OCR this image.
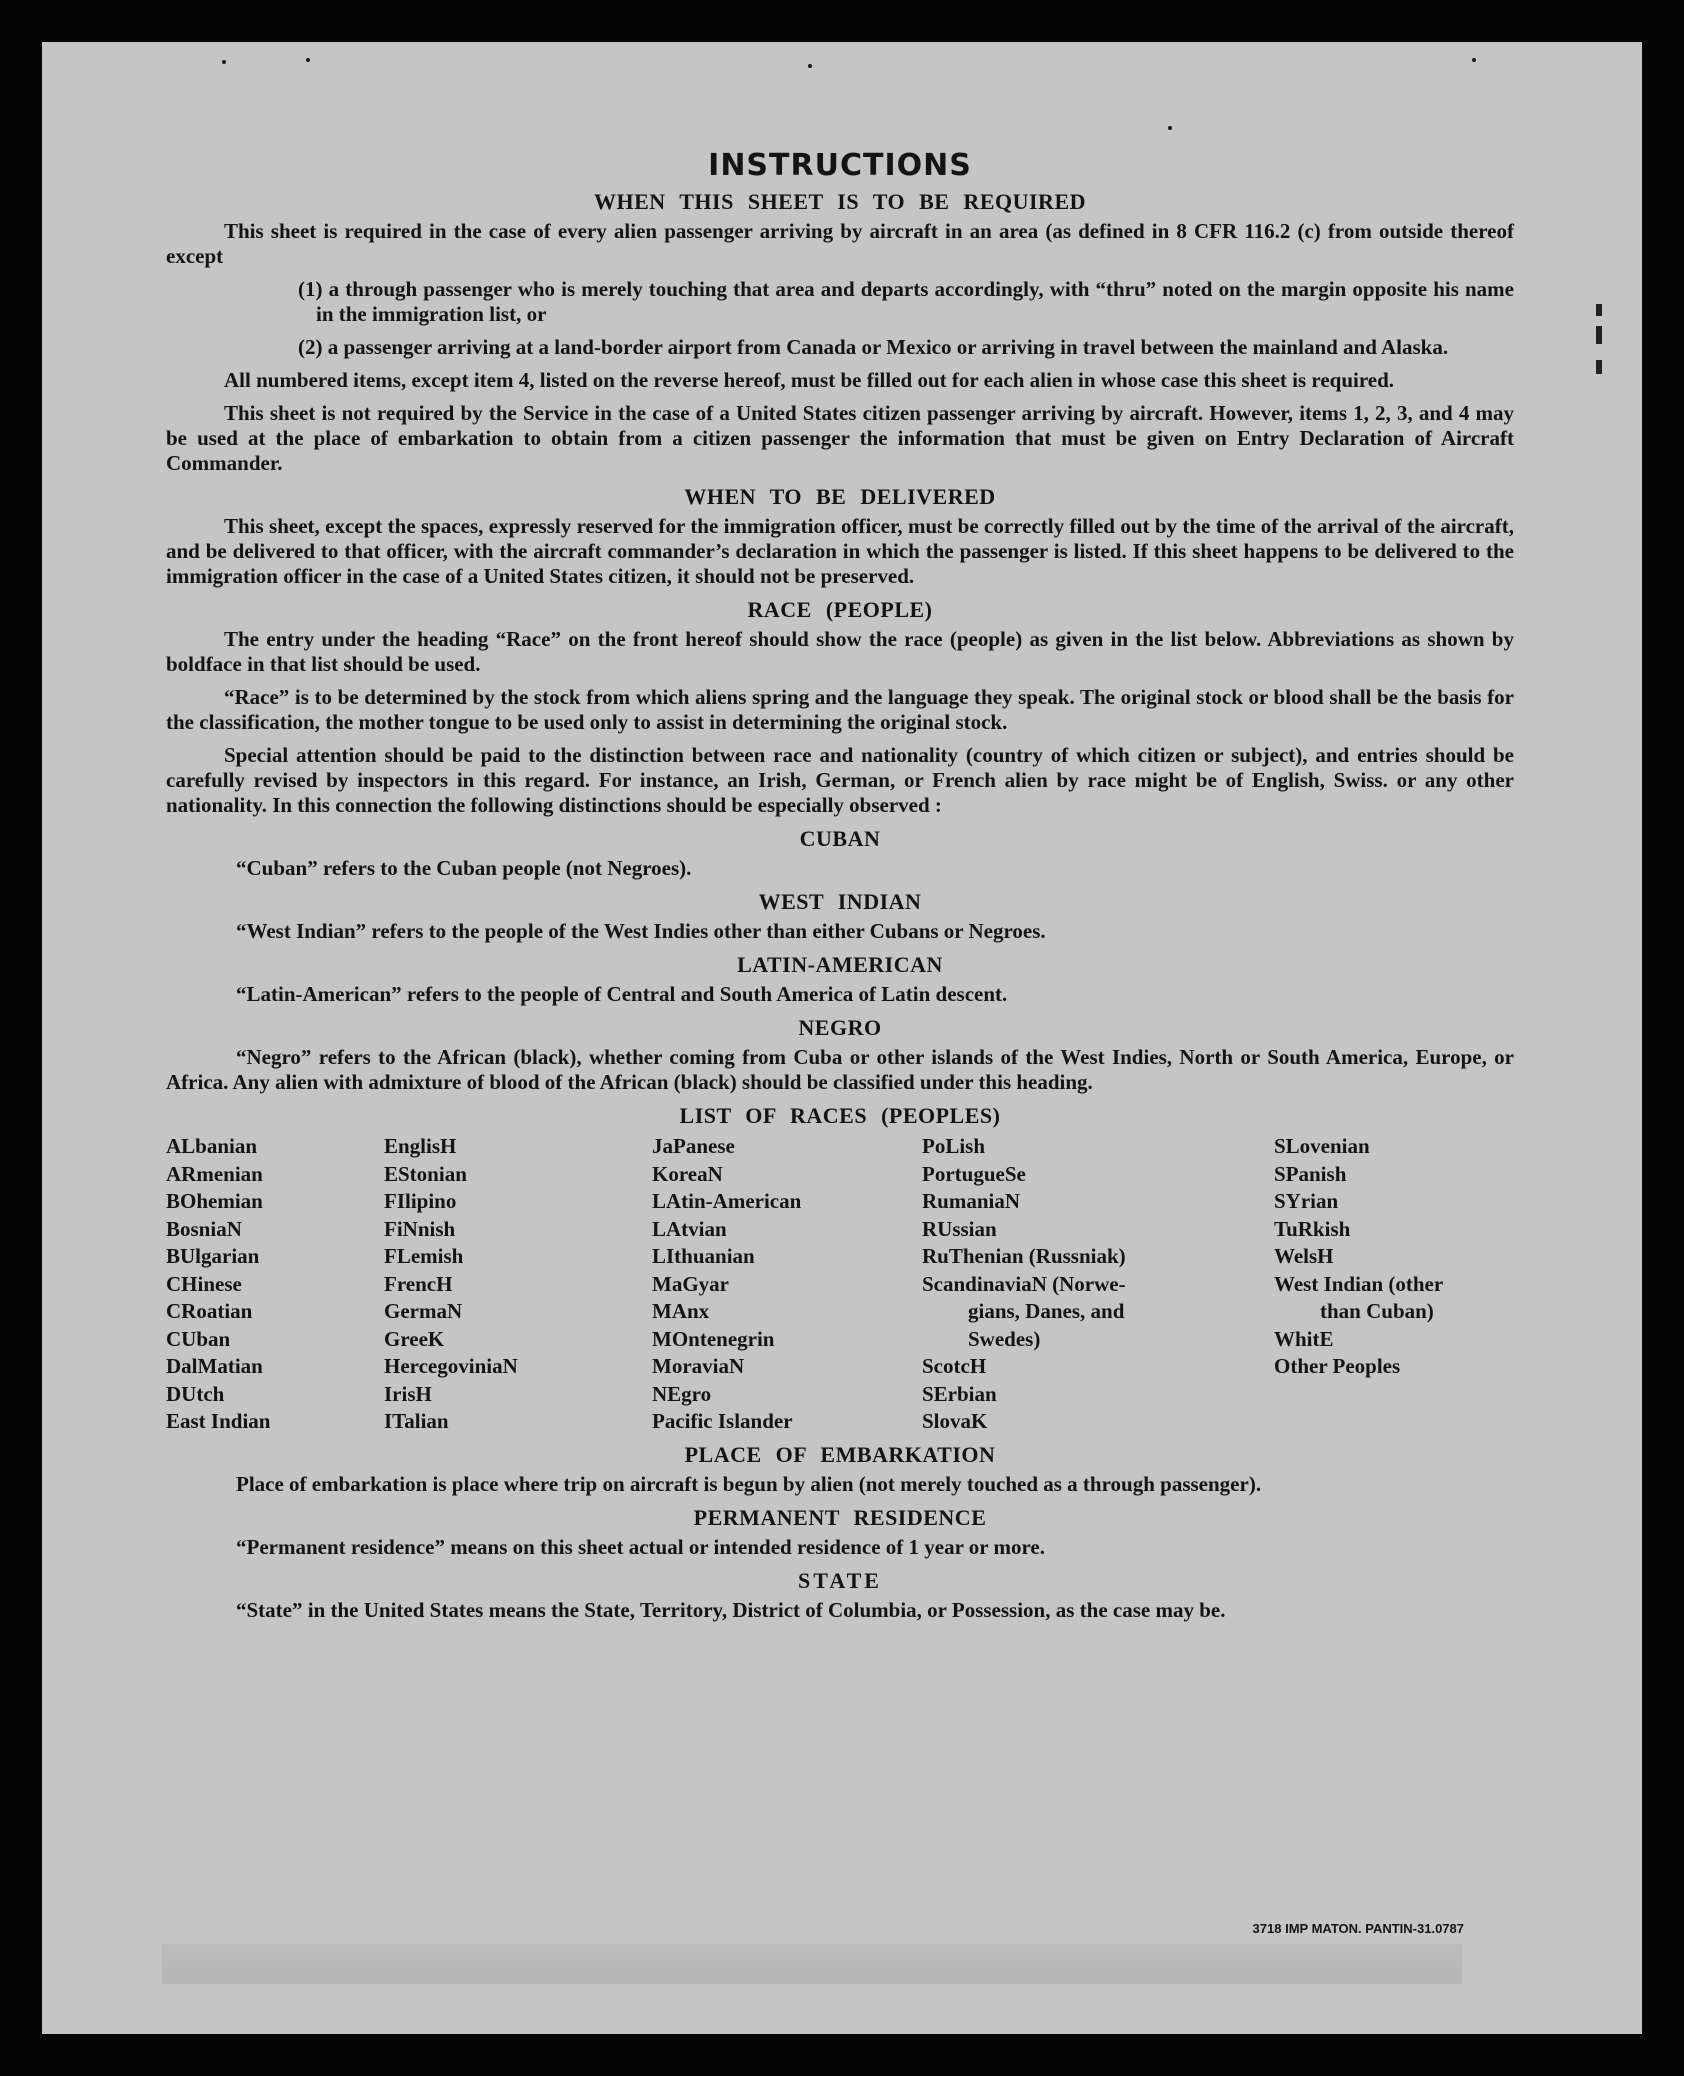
INSTRUCTIONS
WHEN THIS SHEET IS TO BE REQUIRED

This sheet is required in the case of every alien passenger arriving by aircraft in an area (as defined in 8 CFR 116.2 (c) from outside thereof except

(1) a through passenger who is merely touching that area and departs accordingly, with “thru” noted on the margin opposite his name in the immigration list, or

(2) a passenger arriving at a land-border airport from Canada or Mexico or arriving in travel between the mainland and Alaska.

All numbered items, except item 4, listed on the reverse hereof, must be filled out for each alien in whose case this sheet is required.

This sheet is not required by the Service in the case of a United States citizen passenger arriving by aircraft. However, items 1, 2, 3, and 4 may be used at the place of embarkation to obtain from a citizen passenger the information that must be given on Entry Declaration of Aircraft Commander.

WHEN TO BE DELIVERED

This sheet, except the spaces, expressly reserved for the immigration officer, must be correctly filled out by the time of the arrival of the aircraft, and be delivered to that officer, with the aircraft commander’s declaration in which the passenger is listed. If this sheet happens to be delivered to the immigration officer in the case of a United States citizen, it should not be preserved.

RACE (PEOPLE)

The entry under the heading “Race” on the front hereof should show the race (people) as given in the list below. Abbreviations as shown by boldface in that list should be used.

“Race” is to be determined by the stock from which aliens spring and the language they speak. The original stock or blood shall be the basis for the classification, the mother tongue to be used only to assist in determining the original stock.

Special attention should be paid to the distinction between race and nationality (country of which citizen or subject), and entries should be carefully revised by inspectors in this regard. For instance, an Irish, German, or French alien by race might be of English, Swiss. or any other nationality. In this connection the following distinctions should be especially observed :

CUBAN

“Cuban” refers to the Cuban people (not Negroes).

WEST INDIAN

“West Indian” refers to the people of the West Indies other than either Cubans or Negroes.

LATIN-AMERICAN

“Latin-American” refers to the people of Central and South America of Latin descent.

NEGRO

“Negro” refers to the African (black), whether coming from Cuba or other islands of the West Indies, North or South America, Europe, or Africa. Any alien with admixture of blood of the African (black) should be classified under this heading.

LIST OF RACES (PEOPLES)
ALbanian
ARmenian
BOhemian
BosniaN
BUlgarian
CHinese
CRoatian
CUban
DalMatian
DUtch
East Indian
EnglisH
EStonian
FIlipino
FiNnish
FLemish
FrencH
GermaN
GreeK
HercegoviniaN
IrisH
ITalian
JaPanese
KoreaN
LAtin-American
LAtvian
LIthuanian
MaGyar
MAnx
MOntenegrin
MoraviaN
NEgro
Pacific Islander
PoLish
PortugueSe
RumaniaN
RUssian
RuThenian (Russniak)
ScandinaviaN (Norwe-
gians, Danes, and
Swedes)
ScotcH
SErbian
SlovaK
SLovenian
SPanish
SYrian
TuRkish
WelsH
West Indian (other
than Cuban)
WhitE
Other Peoples
PLACE OF EMBARKATION

Place of embarkation is place where trip on aircraft is begun by alien (not merely touched as a through passenger).

PERMANENT RESIDENCE

“Permanent residence” means on this sheet actual or intended residence of 1 year or more.

STATE

“State” in the United States means the State, Territory, District of Columbia, or Possession, as the case may be.

3718 IMP MATON. PANTIN-31.0787
